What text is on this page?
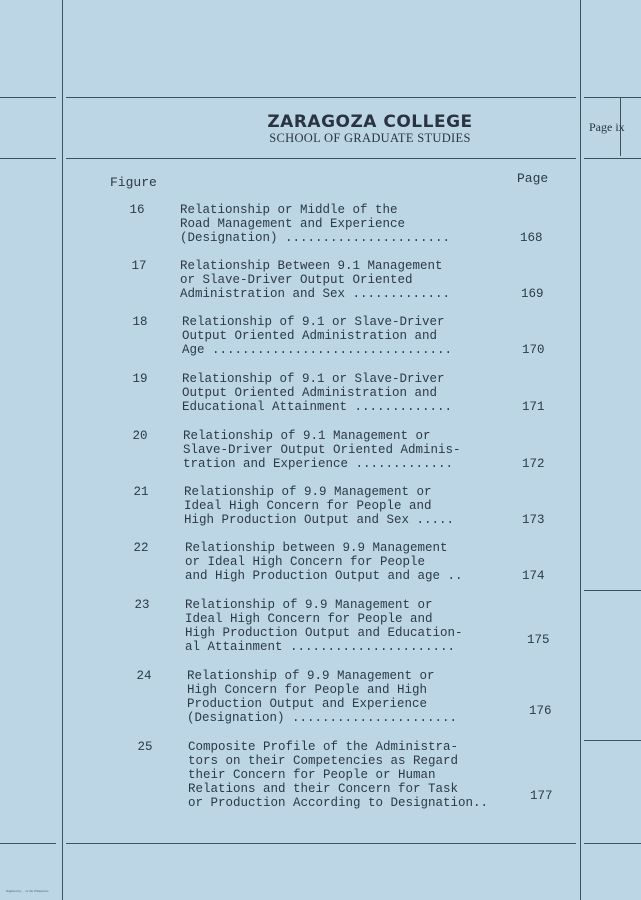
ZARAGOZA COLLEGE
SCHOOL OF GRADUATE STUDIES
Page ix
Figure	Page
16	Relationship or Middle of the
Road Management and Experience
(Designation) ......................	168
17	Relationship Between 9.1 Management
or Slave-Driver Output Oriented
Administration and Sex .............	169
18	Relationship of 9.1 or Slave-Driver
Output Oriented Administration and
Age ................................	170
19	Relationship of 9.1 or Slave-Driver
Output Oriented Administration and
Educational Attainment .............	171
20	Relationship of 9.1 Management or
Slave-Driver Output Oriented Adminis-
tration and Experience .............	172
21	Relationship of 9.9 Management or
Ideal High Concern for People and
High Production Output and Sex .....	173
22	Relationship between 9.9 Management
or Ideal High Concern for People
and High Production Output and age ..	174
23	Relationship of 9.9 Management or
Ideal High Concern for People and
High Production Output and Education-
al Attainment ......................	175
24	Relationship of 9.9 Management or
High Concern for People and High
Production Output and Experience
(Designation) ......................	176
25	Composite Profile of the Administra-
tors on their Competencies as Regard
their Concern for People or Human
Relations and their Concern for Task
or Production According to Designation..	177
Digitized by ... of the Philippines
